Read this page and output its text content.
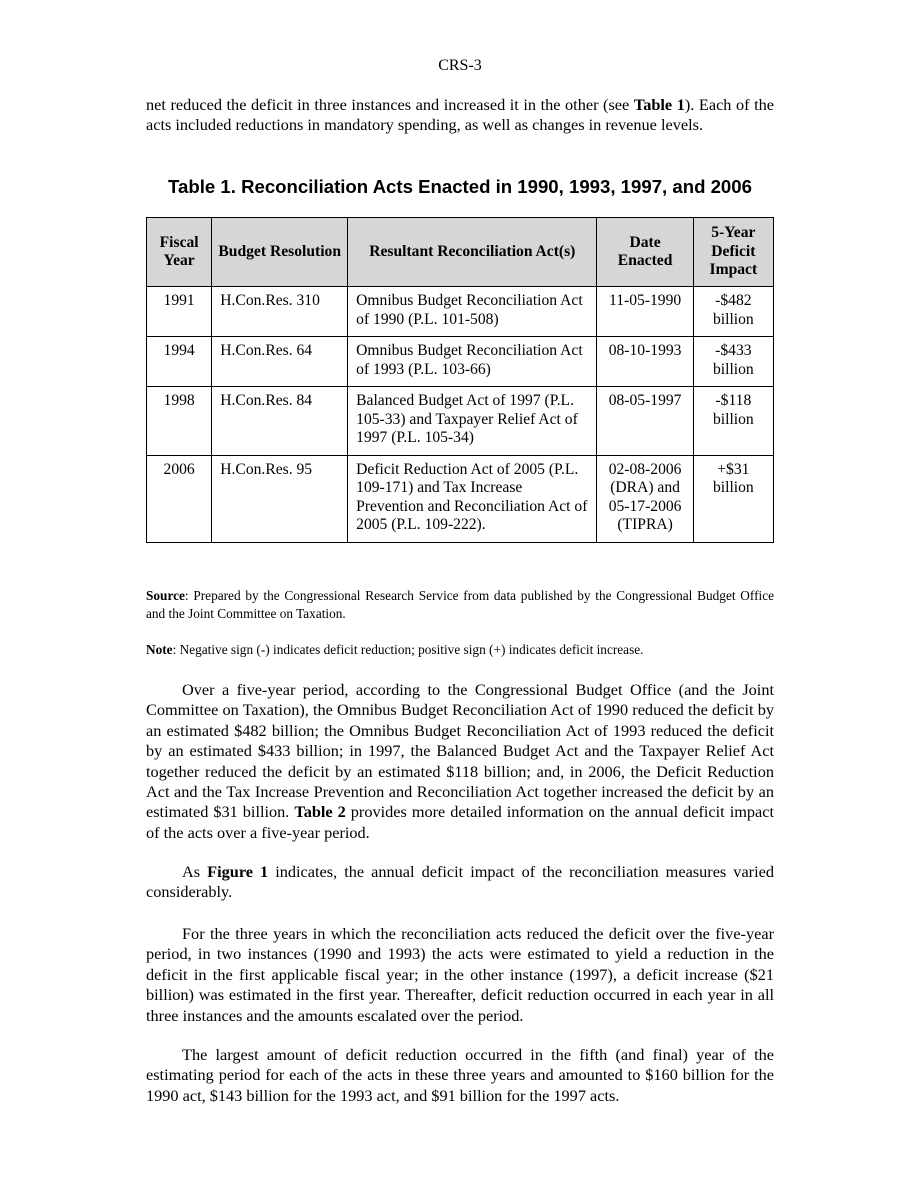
CRS-3

net reduced the deficit in three instances and increased it in the other (see Table 1). Each of the acts included reductions in mandatory spending, as well as changes in revenue levels.

Table 1. Reconciliation Acts Enacted in 1990, 1993, 1997, and 2006
Fiscal Year	Budget Resolution	Resultant Reconciliation Act(s)	Date Enacted	5-Year Deficit Impact
1991	H.Con.Res. 310	Omnibus Budget Reconciliation Act of 1990 (P.L. 101-508)	11-05-1990	-$482 billion
1994	H.Con.Res. 64	Omnibus Budget Reconciliation Act of 1993 (P.L. 103-66)	08-10-1993	-$433 billion
1998	H.Con.Res. 84	Balanced Budget Act of 1997 (P.L. 105-33) and Taxpayer Relief Act of 1997 (P.L. 105-34)	08-05-1997	-$118 billion
2006	H.Con.Res. 95	Deficit Reduction Act of 2005 (P.L. 109-171) and Tax Increase Prevention and Reconciliation Act of 2005 (P.L. 109-222).	02-08-2006 (DRA) and 05-17-2006 (TIPRA)	+$31 billion

Source: Prepared by the Congressional Research Service from data published by the Congressional Budget Office and the Joint Committee on Taxation.

Note: Negative sign (-) indicates deficit reduction; positive sign (+) indicates deficit increase.

Over a five-year period, according to the Congressional Budget Office (and the Joint Committee on Taxation), the Omnibus Budget Reconciliation Act of 1990 reduced the deficit by an estimated $482 billion; the Omnibus Budget Reconciliation Act of 1993 reduced the deficit by an estimated $433 billion; in 1997, the Balanced Budget Act and the Taxpayer Relief Act together reduced the deficit by an estimated $118 billion; and, in 2006, the Deficit Reduction Act and the Tax Increase Prevention and Reconciliation Act together increased the deficit by an estimated $31 billion. Table 2 provides more detailed information on the annual deficit impact of the acts over a five-year period.

As Figure 1 indicates, the annual deficit impact of the reconciliation measures varied considerably.

For the three years in which the reconciliation acts reduced the deficit over the five-year period, in two instances (1990 and 1993) the acts were estimated to yield a reduction in the deficit in the first applicable fiscal year; in the other instance (1997), a deficit increase ($21 billion) was estimated in the first year. Thereafter, deficit reduction occurred in each year in all three instances and the amounts escalated over the period.

The largest amount of deficit reduction occurred in the fifth (and final) year of the estimating period for each of the acts in these three years and amounted to $160 billion for the 1990 act, $143 billion for the 1993 act, and $91 billion for the 1997 acts.
